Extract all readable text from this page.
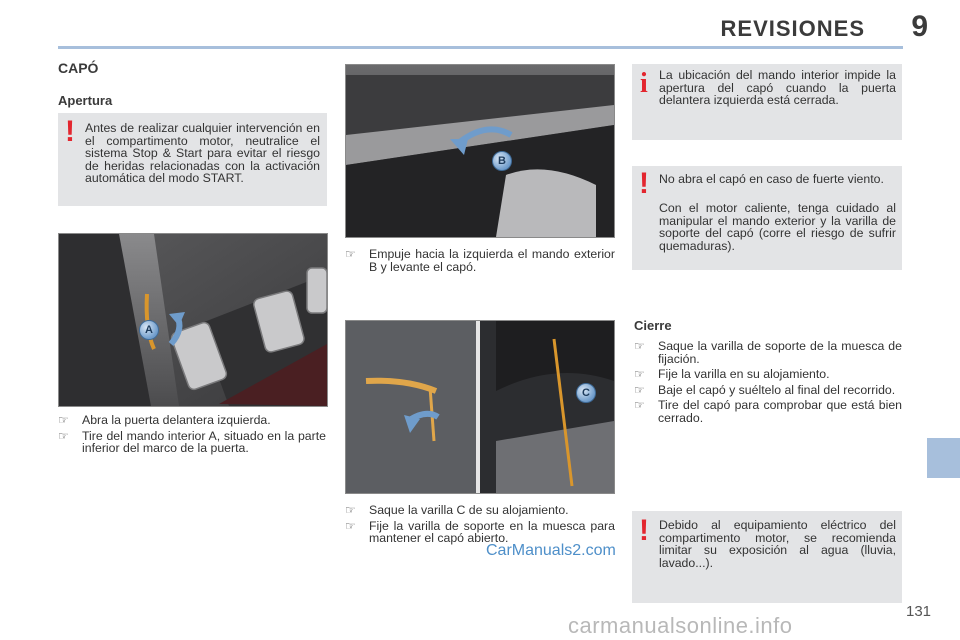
REVISIONES 9
CAPÓ
Apertura
! Antes de realizar cualquier intervención en el compartimento motor, neutralice el sistema Stop & Start para evitar el riesgo de heridas relacionadas con la activación automática del modo START.

A
☞ Abra la puerta delantera izquierda.
☞ Tire del mando interior A, situado en la parte inferior del marco de la puerta.
B
☞ Empuje hacia la izquierda el mando exterior B y levante el capó.
C
☞ Saque la varilla C de su alojamiento.
☞ Fije la varilla de soporte en la muesca para mantener el capó abierto.
i La ubicación del mando interior impide la apertura del capó cuando la puerta delantera izquierda está cerrada.

! No abra el capó en caso de fuerte viento.

Con el motor caliente, tenga cuidado al manipular el mando exterior y la varilla de soporte del capó (corre el riesgo de sufrir quemaduras).

Cierre
☞ Saque la varilla de soporte de la muesca de fijación.
☞ Fije la varilla en su alojamiento.
☞ Baje el capó y suéltelo al final del recorrido.
☞ Tire del capó para comprobar que está bien cerrado.
! Debido al equipamiento eléctrico del compartimento motor, se recomienda limitar su exposición al agua (lluvia, lavado...).

131
CarManuals2.com
carmanualsonline.info
